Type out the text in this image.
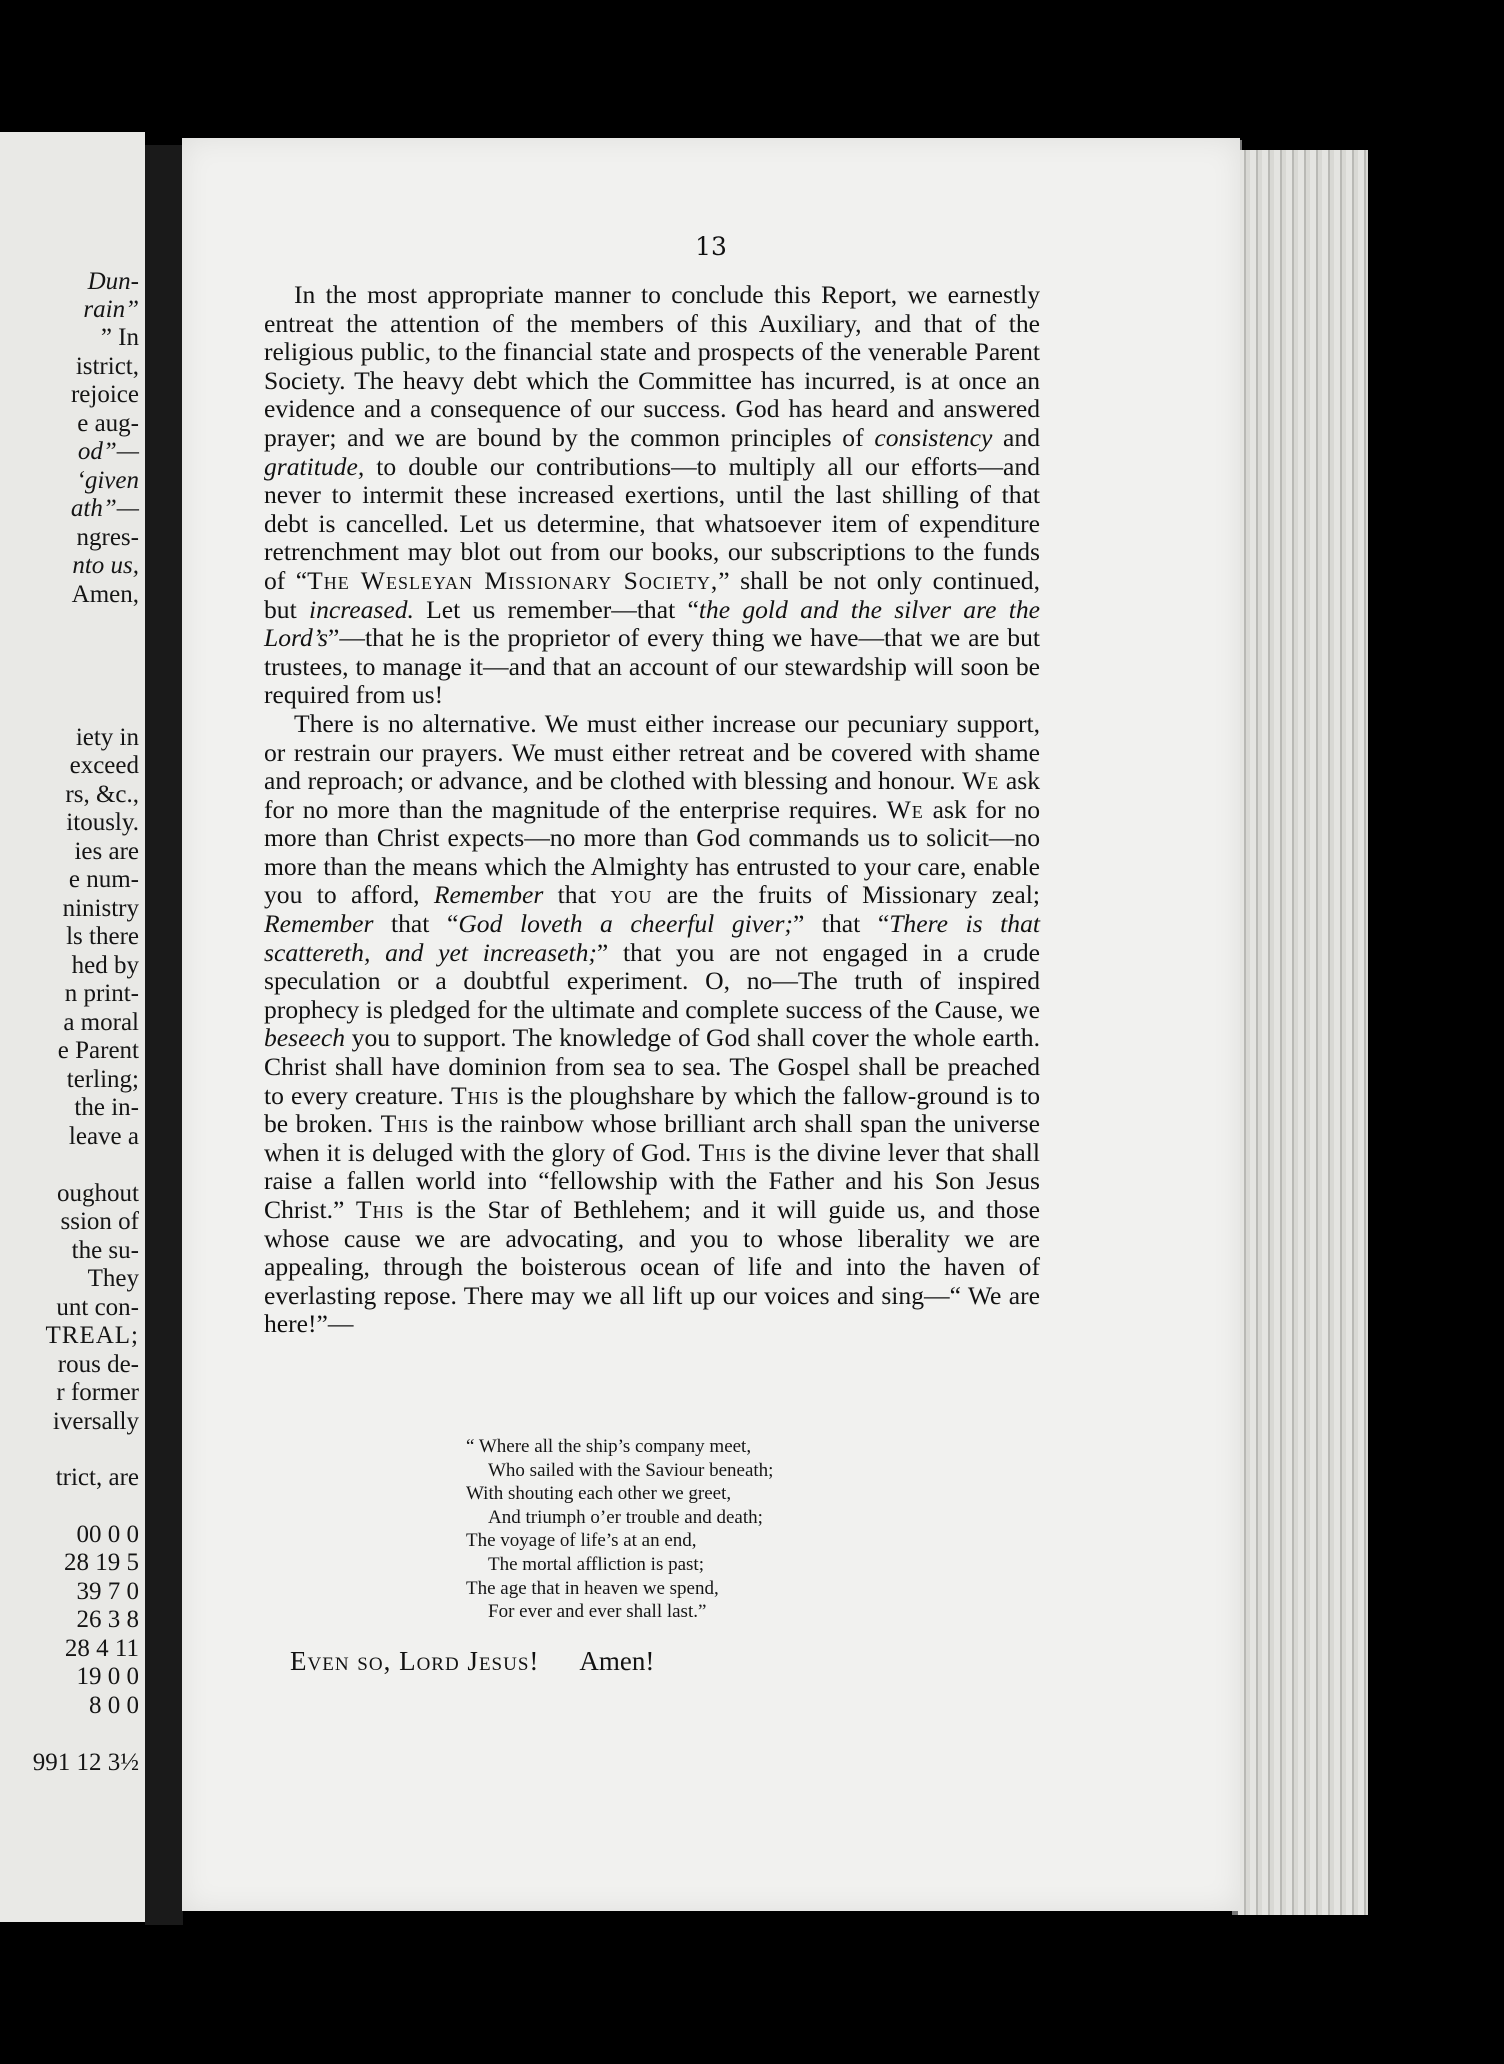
Dun-
rain”
” In
istrict,
rejoice
e aug-
od”—
‘given
ath”—
ngres-
nto us,
Amen,
iety in
exceed
rs, &c.,
itously.
ies are
e num-
ninistry
ls there
hed by
n print-
a moral
e Parent
terling;
the in-
leave a
oughout
ssion of
the su-
They
unt con-
TREAL;
rous de-
r former
iversally
trict, are
00 0 0
28 19 5
39 7 0
26 3 8
28 4 11
19 0 0
8 0 0
991 12 3½
13

In the most appropriate manner to conclude this Report, we earnestly entreat the attention of the members of this Auxiliary, and that of the religious public, to the financial state and prospects of the venerable Parent Society. The heavy debt which the Committee has incurred, is at once an evidence and a consequence of our success. God has heard and answered prayer; and we are bound by the common principles of consistency and gratitude, to double our contributions—to multiply all our efforts—and never to intermit these increased exertions, until the last shilling of that debt is cancelled. Let us determine, that whatsoever item of expenditure retrenchment may blot out from our books, our subscriptions to the funds of “The Wesleyan Missionary Society,” shall be not only continued, but increased. Let us remember—that “the gold and the silver are the Lord’s”—that he is the proprietor of every thing we have—that we are but trustees, to manage it—and that an account of our stewardship will soon be required from us!

There is no alternative. We must either increase our pecuniary support, or restrain our prayers. We must either retreat and be covered with shame and reproach; or advance, and be clothed with blessing and honour. We ask for no more than the magnitude of the enterprise requires. We ask for no more than Christ expects—no more than God commands us to solicit—no more than the means which the Almighty has entrusted to your care, enable you to afford, Remember that you are the fruits of Missionary zeal; Remember that “God loveth a cheerful giver;” that “There is that scattereth, and yet increaseth;” that you are not engaged in a crude speculation or a doubtful experiment. O, no—The truth of inspired prophecy is pledged for the ultimate and complete success of the Cause, we beseech you to support. The knowledge of God shall cover the whole earth. Christ shall have dominion from sea to sea. The Gospel shall be preached to every creature. This is the ploughshare by which the fallow-ground is to be broken. This is the rainbow whose brilliant arch shall span the universe when it is deluged with the glory of God. This is the divine lever that shall raise a fallen world into “fellowship with the Father and his Son Jesus Christ.” This is the Star of Bethlehem; and it will guide us, and those whose cause we are advocating, and you to whose liberality we are appealing, through the boisterous ocean of life and into the haven of everlasting repose. There may we all lift up our voices and sing—“ We are here!”—

“ Where all the ship’s company meet,
Who sailed with the Saviour beneath;
With shouting each other we greet,
And triumph o’er trouble and death;
The voyage of life’s at an end,
The mortal affliction is past;
The age that in heaven we spend,
For ever and ever shall last.”
Even so, Lord Jesus! Amen!
